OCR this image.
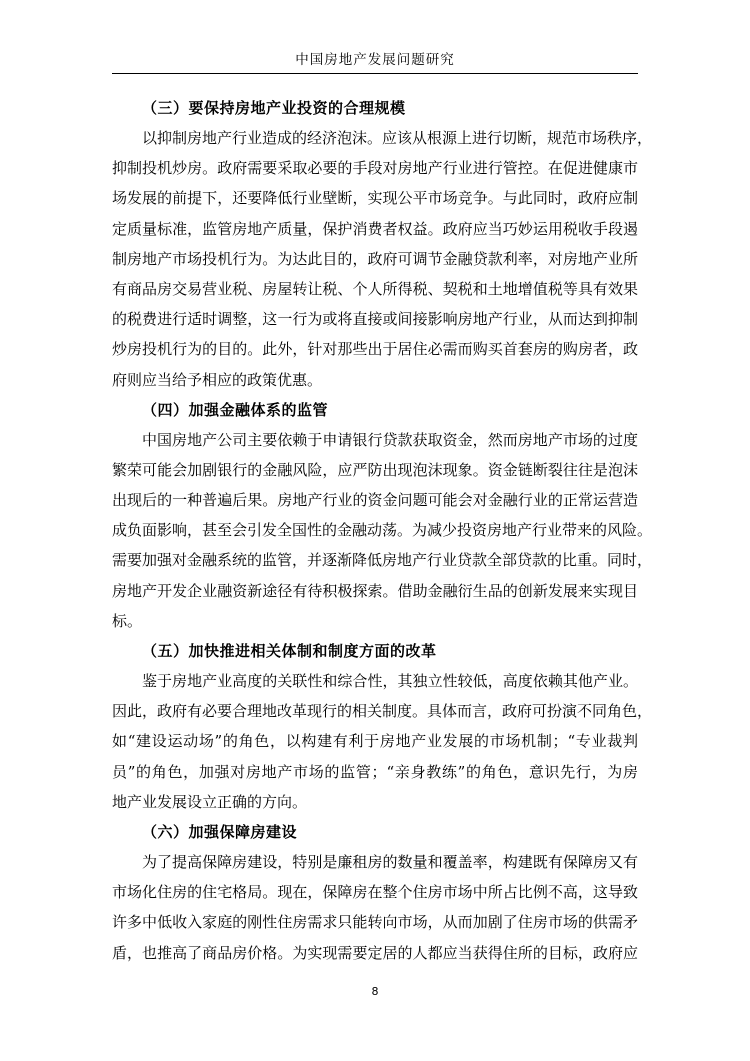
中国房地产发展问题研究
（三）要保持房地产业投资的合理规模
以抑制房地产行业造成的经济泡沫。应该从根源上进行切断，规范市场秩序，
抑制投机炒房。政府需要采取必要的手段对房地产行业进行管控。在促进健康市
场发展的前提下，还要降低行业壁断，实现公平市场竞争。与此同时，政府应制
定质量标准，监管房地产质量，保护消费者权益。政府应当巧妙运用税收手段遏
制房地产市场投机行为。为达此目的，政府可调节金融贷款利率，对房地产业所
有商品房交易营业税、房屋转让税、个人所得税、契税和土地增值税等具有效果
的税费进行适时调整，这一行为或将直接或间接影响房地产行业，从而达到抑制
炒房投机行为的目的。此外，针对那些出于居住必需而购买首套房的购房者，政
府则应当给予相应的政策优惠。
（四）加强金融体系的监管
中国房地产公司主要依赖于申请银行贷款获取资金，然而房地产市场的过度
繁荣可能会加剧银行的金融风险，应严防出现泡沫现象。资金链断裂往往是泡沫
出现后的一种普遍后果。房地产行业的资金问题可能会对金融行业的正常运营造
成负面影响，甚至会引发全国性的金融动荡。为减少投资房地产行业带来的风险。
需要加强对金融系统的监管，并逐渐降低房地产行业贷款全部贷款的比重。同时，
房地产开发企业融资新途径有待积极探索。借助金融衍生品的创新发展来实现目
标。
（五）加快推进相关体制和制度方面的改革
鉴于房地产业高度的关联性和综合性，其独立性较低，高度依赖其他产业。
因此，政府有必要合理地改革现行的相关制度。具体而言，政府可扮演不同角色，
如“建设运动场”的角色，以构建有利于房地产业发展的市场机制；“专业裁判
员”的角色，加强对房地产市场的监管；“亲身教练”的角色，意识先行，为房
地产业发展设立正确的方向。
（六）加强保障房建设
为了提高保障房建设，特别是廉租房的数量和覆盖率，构建既有保障房又有
市场化住房的住宅格局。现在，保障房在整个住房市场中所占比例不高，这导致
许多中低收入家庭的刚性住房需求只能转向市场，从而加剧了住房市场的供需矛
盾，也推高了商品房价格。为实现需要定居的人都应当获得住所的目标，政府应
8
